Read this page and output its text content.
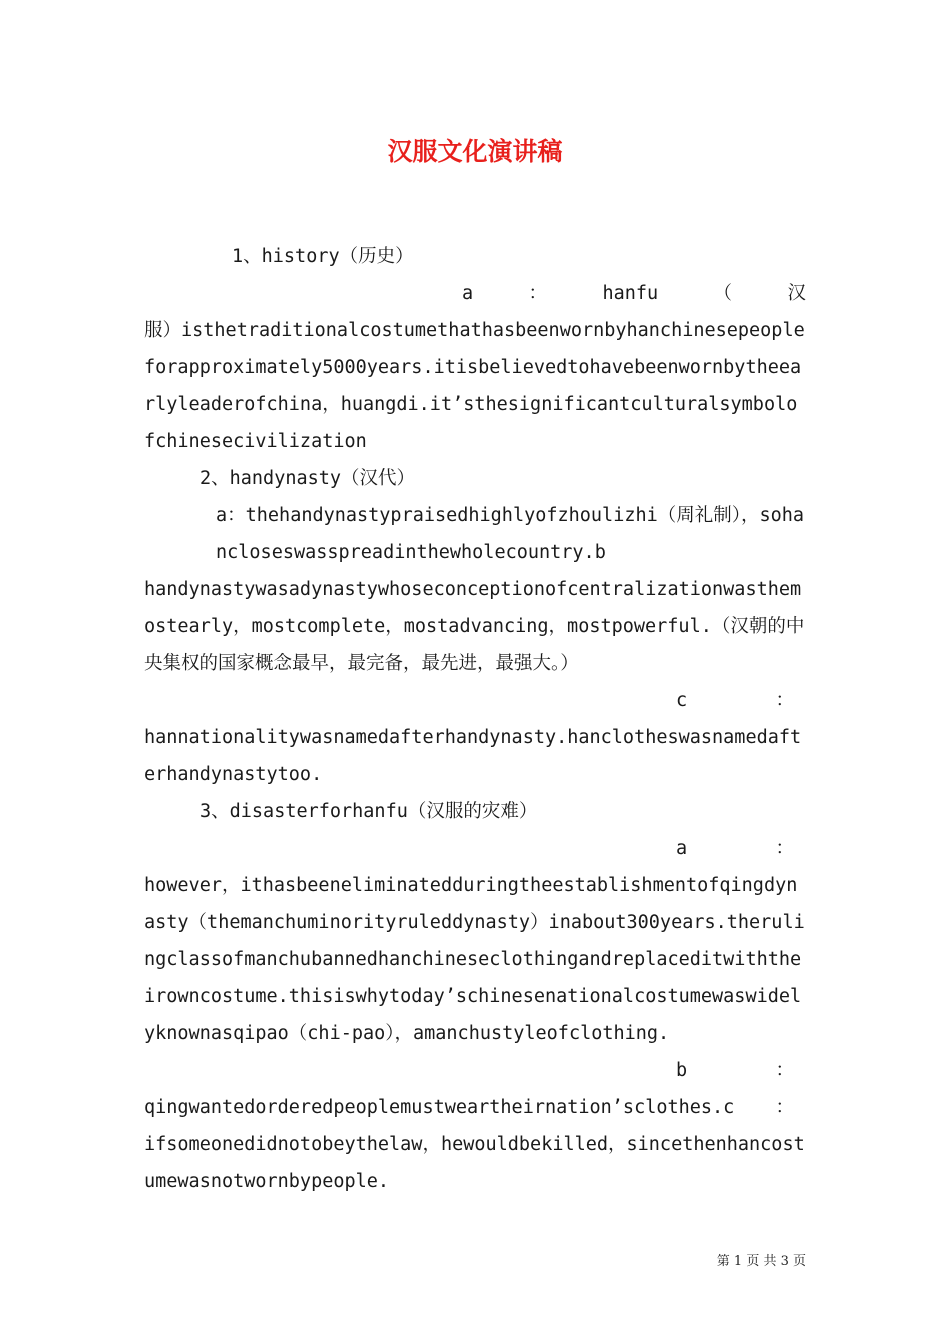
汉服文化演讲稿

1、history（历史）

a	：	hanfu	（	汉

服）isthetraditionalcostumethathasbeenwornbyhanchinesepeopleforapproximately5000years.itisbelievedtohavebeenwornbytheearlyleaderofchina，huangdi.it’sthesignificantculturalsymbolofchinesecivilization

2、handynasty（汉代）

a：thehandynastypraisedhighlyofzhoulizhi（周礼制），sohancloseswasspreadinthewholecountry.b

handynastywasadynastywhoseconceptionofcentralizationwasthemostearly，mostcomplete，mostadvancing，mostpowerful.（汉朝的中央集权的国家概念最早，最完备，最先进，最强大。）

c	：

hannationalitywasnamedafterhandynasty.hanclotheswasnamedafterhandynastytoo.

3、disasterforhanfu（汉服的灾难）

a	：

however，ithasbeeneliminatedduringtheestablishmentofqingdynasty（themanchuminorityruleddynasty）inabout300years.therulingclassofmanchubannedhanchineseclothingandreplaceditwiththeirowncostume.thisiswhytoday’schinesenationalcostumewaswidelyknownasqipao（chi-pao），amanchustyleofclothing.

b	：

qingwantedorderedpeoplemustweartheirnation’sclothes.c ：

ifsomeonedidnotobeythelaw，hewouldbekilled，sincethenhancostumewasnotwornbypeople.

第 1 页 共 3 页
